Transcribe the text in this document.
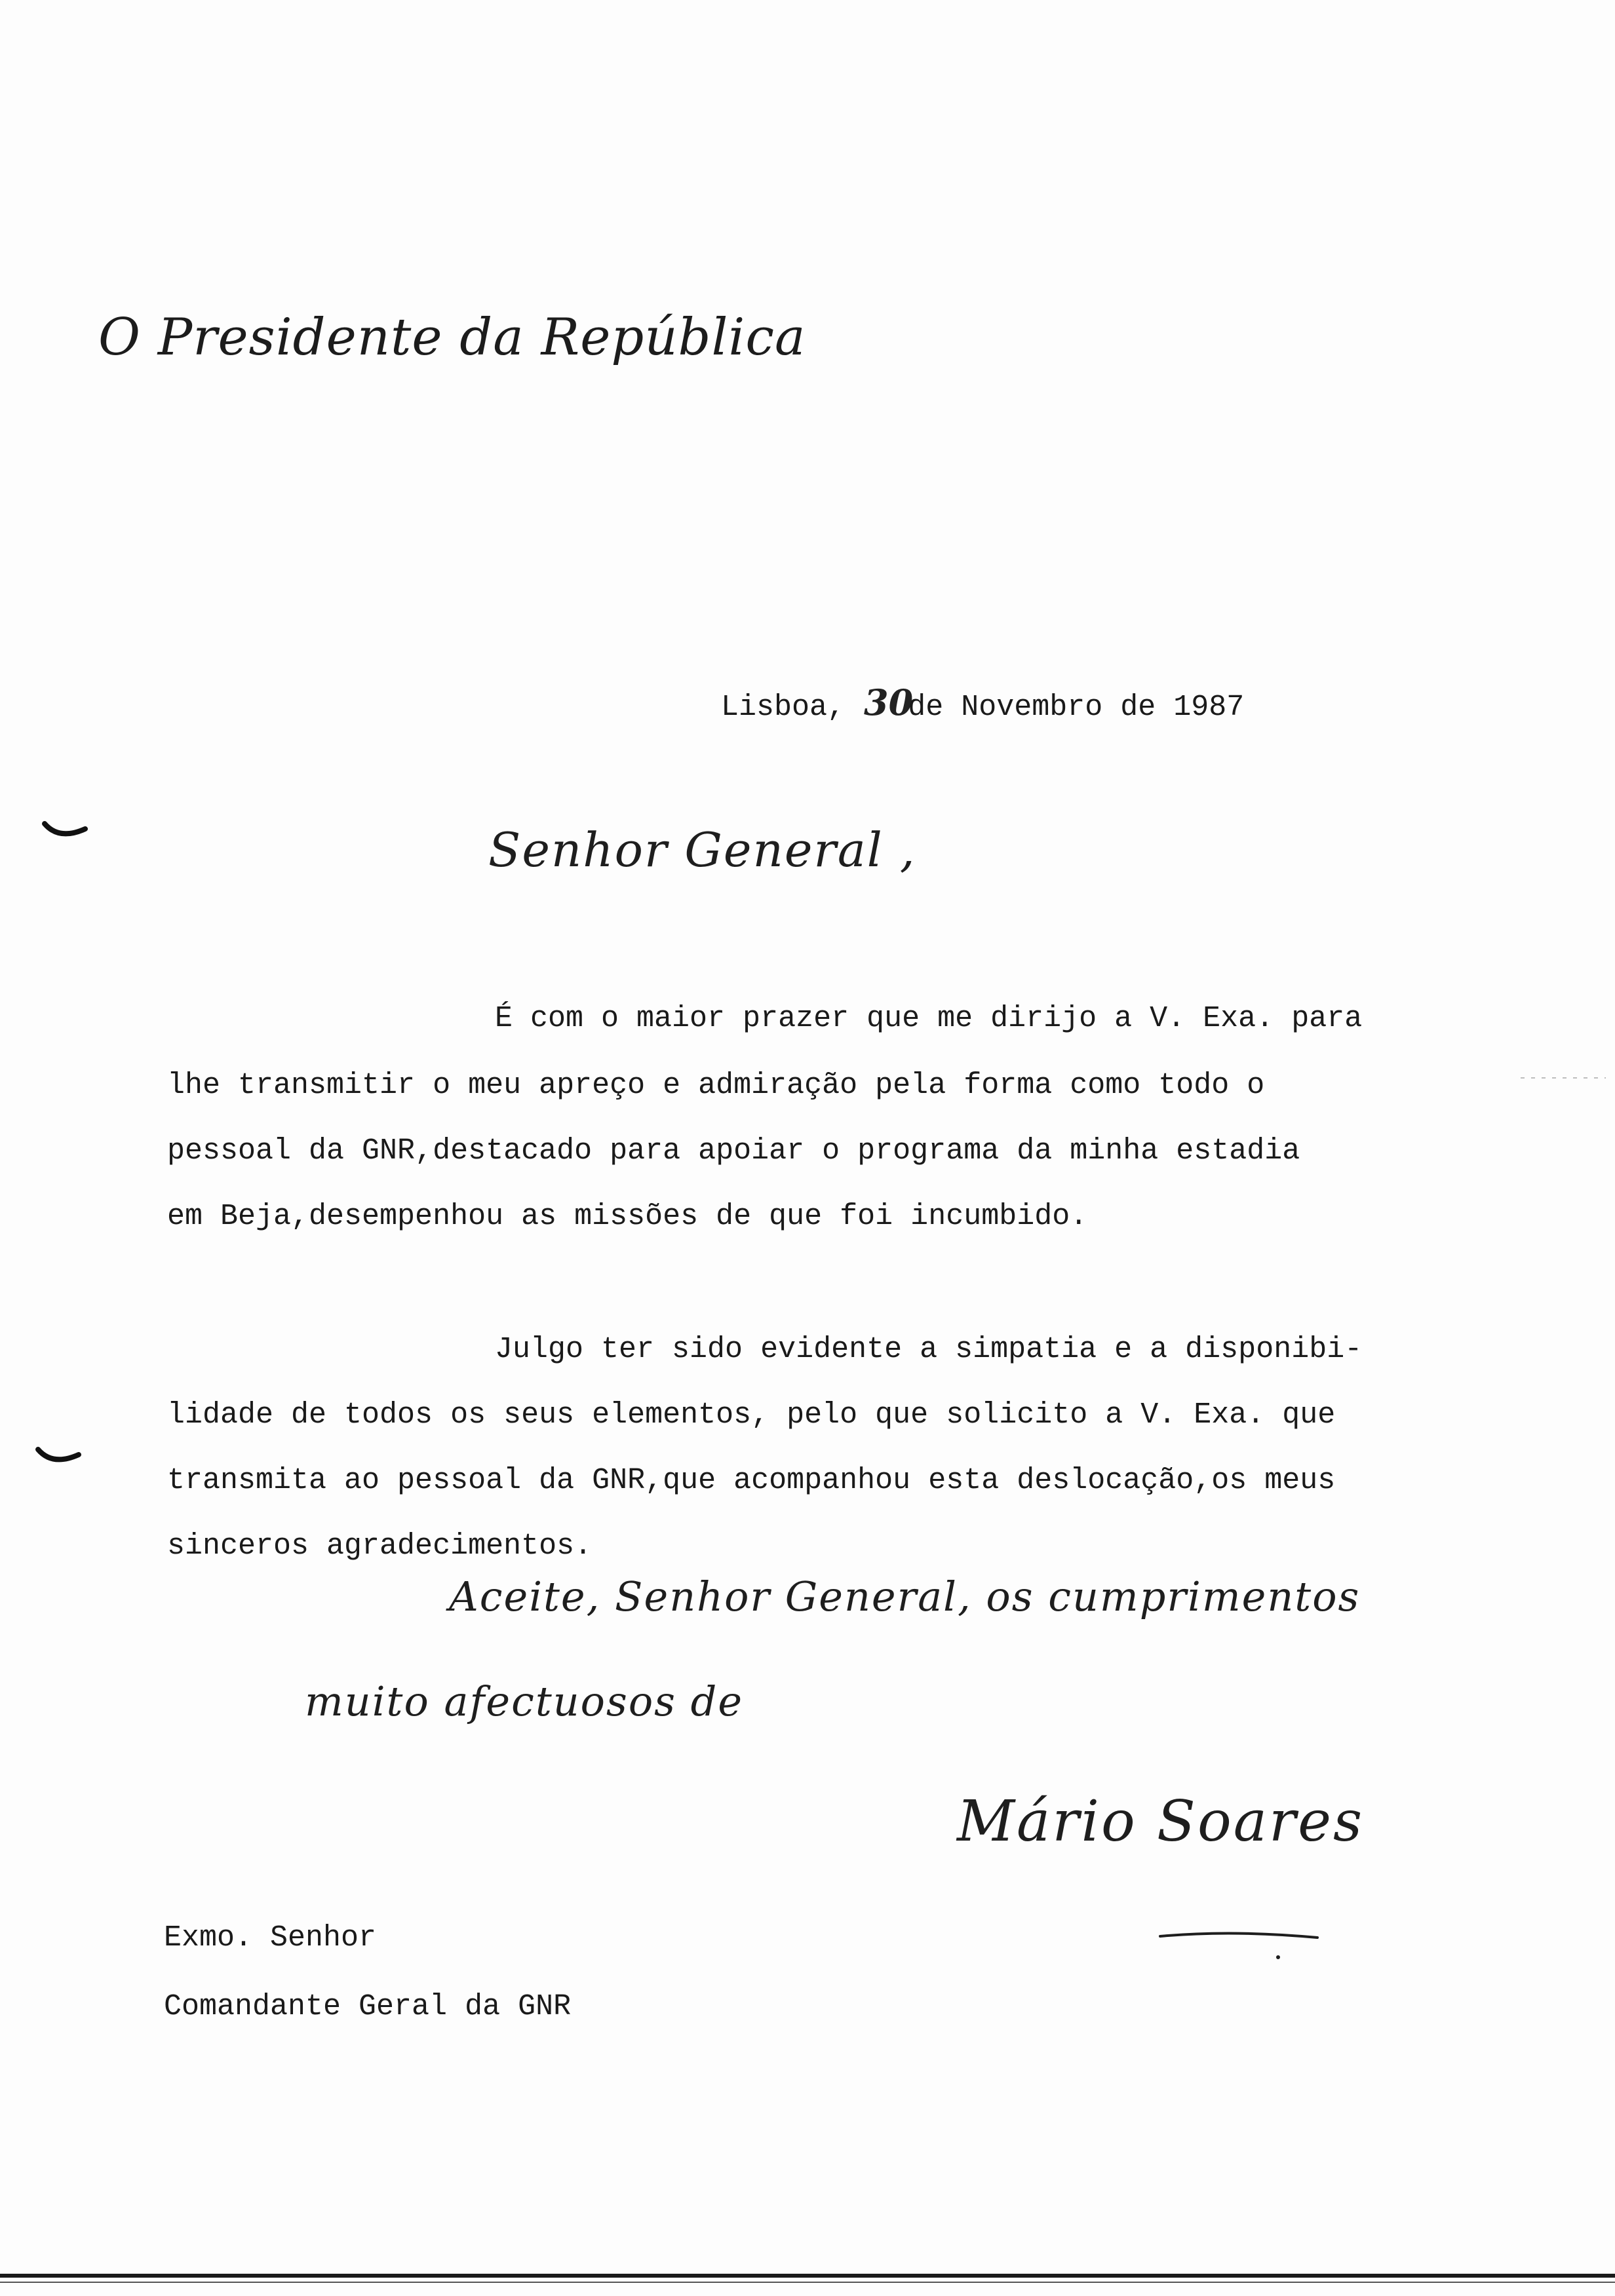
O Presidente da República
Lisboa, 30de Novembro de 1987
Senhor General ,
É com o maior prazer que me dirijo a V. Exa. para
lhe transmitir o meu apreço e admiração pela forma como todo o
pessoal da GNR,destacado para apoiar o programa da minha estadia
em Beja,desempenhou as missões de que foi incumbido.
Julgo ter sido evidente a simpatia e a disponibi-
lidade de todos os seus elementos, pelo que solicito a V. Exa. que
transmita ao pessoal da GNR,que acompanhou esta deslocação,os meus
sinceros agradecimentos.
Aceite, Senhor General, os cumprimentos
muito afectuosos de
Mário Soares
Exmo. Senhor
Comandante Geral da GNR
